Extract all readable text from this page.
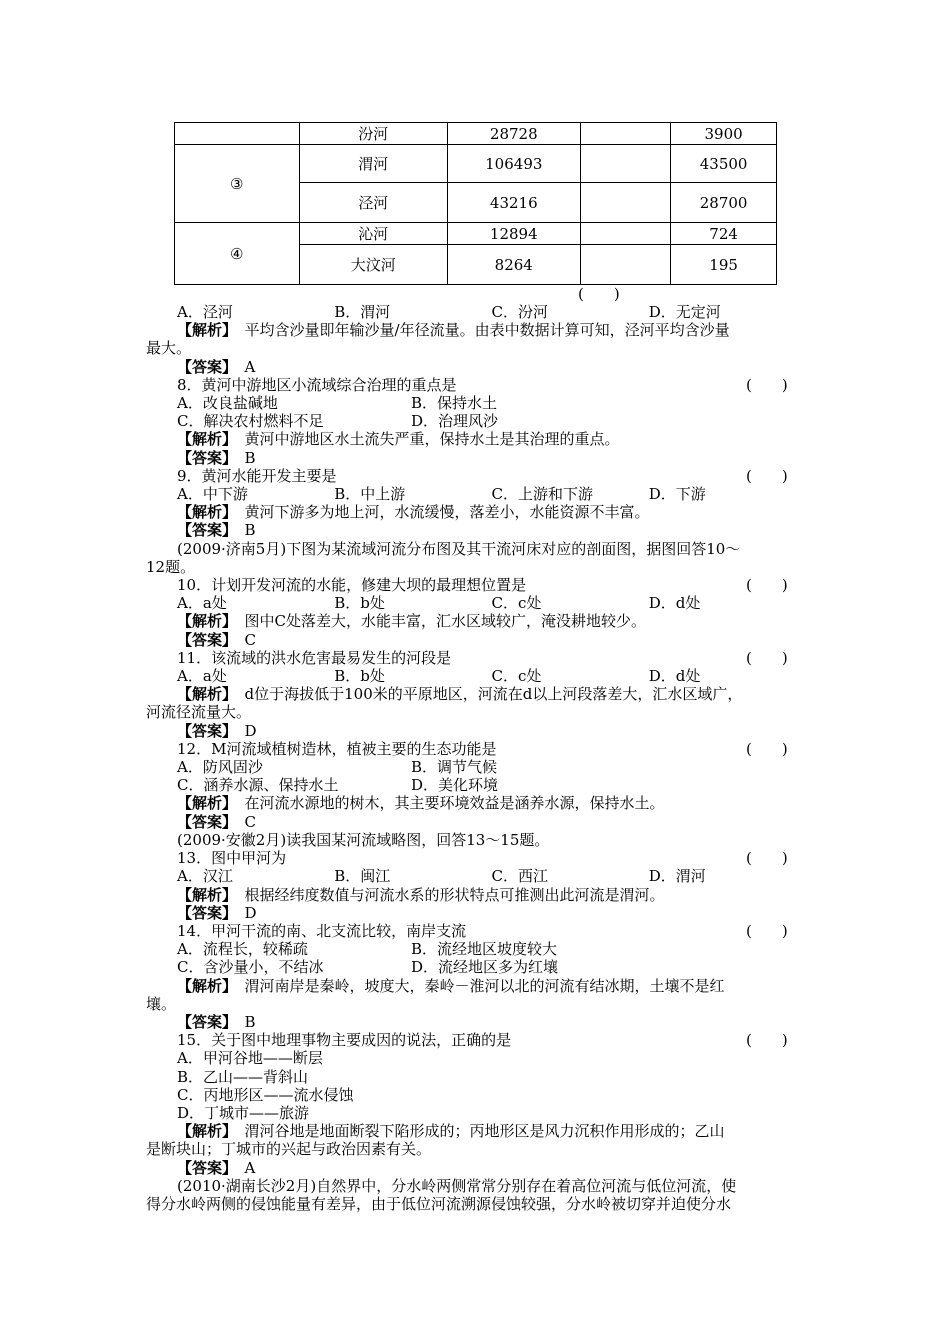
	汾河	28728		3900
③	渭河	106493		43500
	泾河	43216		28700
④	沁河	12894		724
	大汶河	8264		195
(　　)
A．泾河	B．渭河	C．汾河	D．无定河
【解析】　 平均含沙量即年输沙量/年径流量。由表中数据计算可知，泾河平均含沙量
最大。
【答案】　 A
8．黄河中游地区小流域综合治理的重点是	(　　)
A．改良盐碱地	B．保持水土
C．解决农村燃料不足	D．治理风沙
【解析】　 黄河中游地区水土流失严重，保持水土是其治理的重点。
【答案】　 B
9．黄河水能开发主要是	(　　)
A．中下游	B．中上游	C．上游和下游	D．下游
【解析】　 黄河下游多为地上河，水流缓慢，落差小，水能资源不丰富。
【答案】　 B
(2009·济南5月)下图为某流域河流分布图及其干流河床对应的剖面图，据图回答10～
12题。
10．计划开发河流的水能，修建大坝的最理想位置是	(　　)
A．a处	B．b处	C．c处	D．d处
【解析】　 图中C处落差大，水能丰富，汇水区域较广，淹没耕地较少。
【答案】　 C
11．该流域的洪水危害最易发生的河段是	(　　)
A．a处	B．b处	C．c处	D．d处
【解析】　 d位于海拔低于100米的平原地区，河流在d以上河段落差大，汇水区域广，
河流径流量大。
【答案】　 D
12．M河流域植树造林，植被主要的生态功能是	(　　)
A．防风固沙	B．调节气候
C．涵养水源、保持水土	D．美化环境
【解析】　 在河流水源地的树木，其主要环境效益是涵养水源，保持水土。
【答案】　 C
(2009·安徽2月)读我国某河流域略图，回答13～15题。
13．图中甲河为	(　　)
A．汉江	B．闽江	C．西江	D．渭河
【解析】　 根据经纬度数值与河流水系的形状特点可推测出此河流是渭河。
【答案】　 D
14．甲河干流的南、北支流比较，南岸支流	(　　)
A．流程长，较稀疏	B．流经地区坡度较大
C．含沙量小，不结冰	D．流经地区多为红壤
【解析】　 渭河南岸是秦岭，坡度大，秦岭－淮河以北的河流有结冰期，土壤不是红
壤。
【答案】　 B
15．关于图中地理事物主要成因的说法，正确的是	(　　)
A．甲河谷地——断层
B．乙山——背斜山
C．丙地形区——流水侵蚀
D．丁城市——旅游
【解析】　 渭河谷地是地面断裂下陷形成的；丙地形区是风力沉积作用形成的；乙山
是断块山；丁城市的兴起与政治因素有关。
【答案】　 A
(2010·湖南长沙2月)自然界中，分水岭两侧常常分别存在着高位河流与低位河流，使
得分水岭两侧的侵蚀能量有差异，由于低位河流溯源侵蚀较强，分水岭被切穿并迫使分水
